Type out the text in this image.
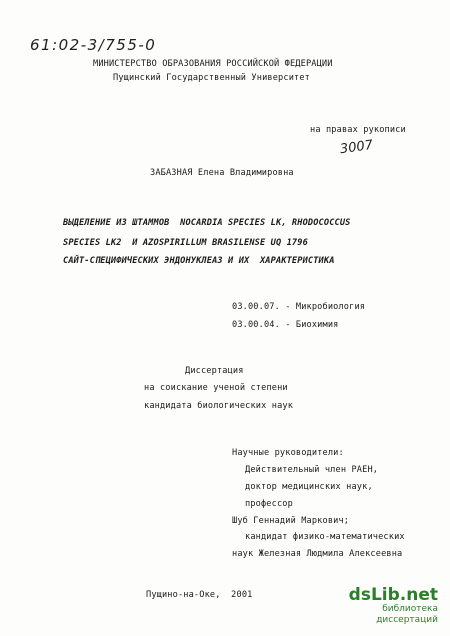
61:02-3/755-0
МИНИСТЕРСТВО ОБРАЗОВАНИЯ РОССИЙСКОЙ ФЕДЕРАЦИИ
Пущинский Государственный Университет
на правах рукописи
3007
ЗАБАЗНАЯ Елена Владимировна
ВЫДЕЛЕНИЕ ИЗ ШТАММОВ  NOCARDIA SPECIES LK, RHODOCOCCUS
SPECIES LK2  И AZOSPIRILLUM BRASILENSE UQ 1796
САЙТ-СПЕЦИФИЧЕСКИХ ЭНДОНУКЛЕАЗ И ИХ  ХАРАКТЕРИСТИКА
03.00.07. - Микробиология
03.00.04. - Биохимия
Диссертация
на соискание ученой степени
кандидата биологических наук
Научные руководители:
Действительный член РАЕН,
доктор медицинских наук,
профессор
Шуб Геннадий Маркович;
кандидат физико-математических
наук Железная Людмила Алексеевна
Пущино-на-Оке,  2001	dsLib.net
библиотека диссертаций
